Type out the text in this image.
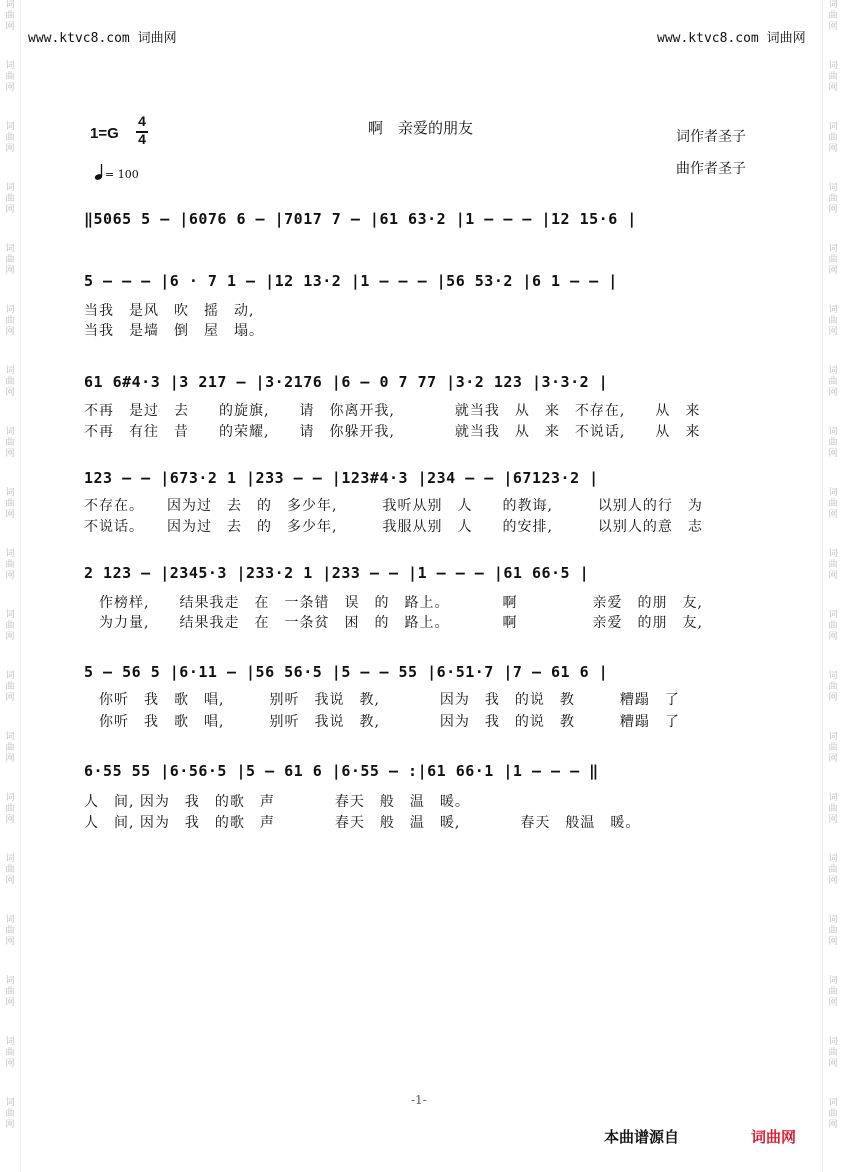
词
曲
网
词
曲
网
词
曲
网
词
曲
网
词
曲
网
词
曲
网
词
曲
网
词
曲
网
词
曲
网
词
曲
网
词
曲
网
词
曲
网
词
曲
网
词
曲
网
词
曲
网
词
曲
网
词
曲
网
词
曲
网
词
曲
网
词
曲
网
词
曲
网
词
曲
网
词
曲
网
词
曲
网
词
曲
网
词
曲
网
词
曲
网
词
曲
网
词
曲
网
词
曲
网
词
曲
网
词
曲
网
词
曲
网
词
曲
网
词
曲
网
词
曲
网
词
曲
网
词
曲
网
www.ktvc8.com 词曲网	www.ktvc8.com 词曲网
1=G
4
4
= 100
啊　亲爱的朋友	词作者圣子
曲作者圣子
‖5065 5 – |6076 6 – |7017 7 – |61 63·2 |1 – – – |12 15·6 |
5 – – – |6 · 7 1 – |12 13·2 |1 – – – |56 53·2 |6 1 – – |
当我　是风　吹　摇　动,
当我　是墙　倒　屋　塌。
61 6#4·3 |3 217 – |3·2176 |6 – 0 7 77 |3·2 123 |3·3·2 |
不再　是过　去　　的旋旗,　　请　你离开我,　　　　就当我　从　来　不存在,　　从　来
不再　有往　昔　　的荣耀,　　请　你躲开我,　　　　就当我　从　来　不说话,　　从　来
123 – – |673·2 1 |233 – – |123#4·3 |234 – – |67123·2 |
不存在。　　因为过　去　的　多少年,　　　我听从别　人　　的教诲,　　　以别人的行　为
不说话。　　因为过　去　的　多少年,　　　我服从别　人　　的安排,　　　以别人的意　志
2 123 – |2345·3 |233·2 1 |233 – – |1 – – – |61 66·5 |
　作榜样,　　结果我走　在　一条错　误　的　路上。　　　　啊　　　　　亲爱　的朋　友,
　为力量,　　结果我走　在　一条贫　困　的　路上。　　　　啊　　　　　亲爱　的朋　友,
5 – 56 5 |6·11 – |56 56·5 |5 – – 55 |6·51·7 |7 – 61 6 |
　你听　我　歌　唱,　　　别听　我说　教,　　　　因为　我　的说　教　　　糟蹋　了
　你听　我　歌　唱,　　　别听　我说　教,　　　　因为　我　的说　教　　　糟蹋　了
6·55 55 |6·56·5 |5 – 61 6 |6·55 – :|61 66·1 |1 – – – ‖
人　间, 因为　我　的歌　声　　　　春天　般　温　暖。
人　间, 因为　我　的歌　声　　　　春天　般　温　暖,　　　　春天　般温　暖。
-1-
本曲谱源自	词曲网
